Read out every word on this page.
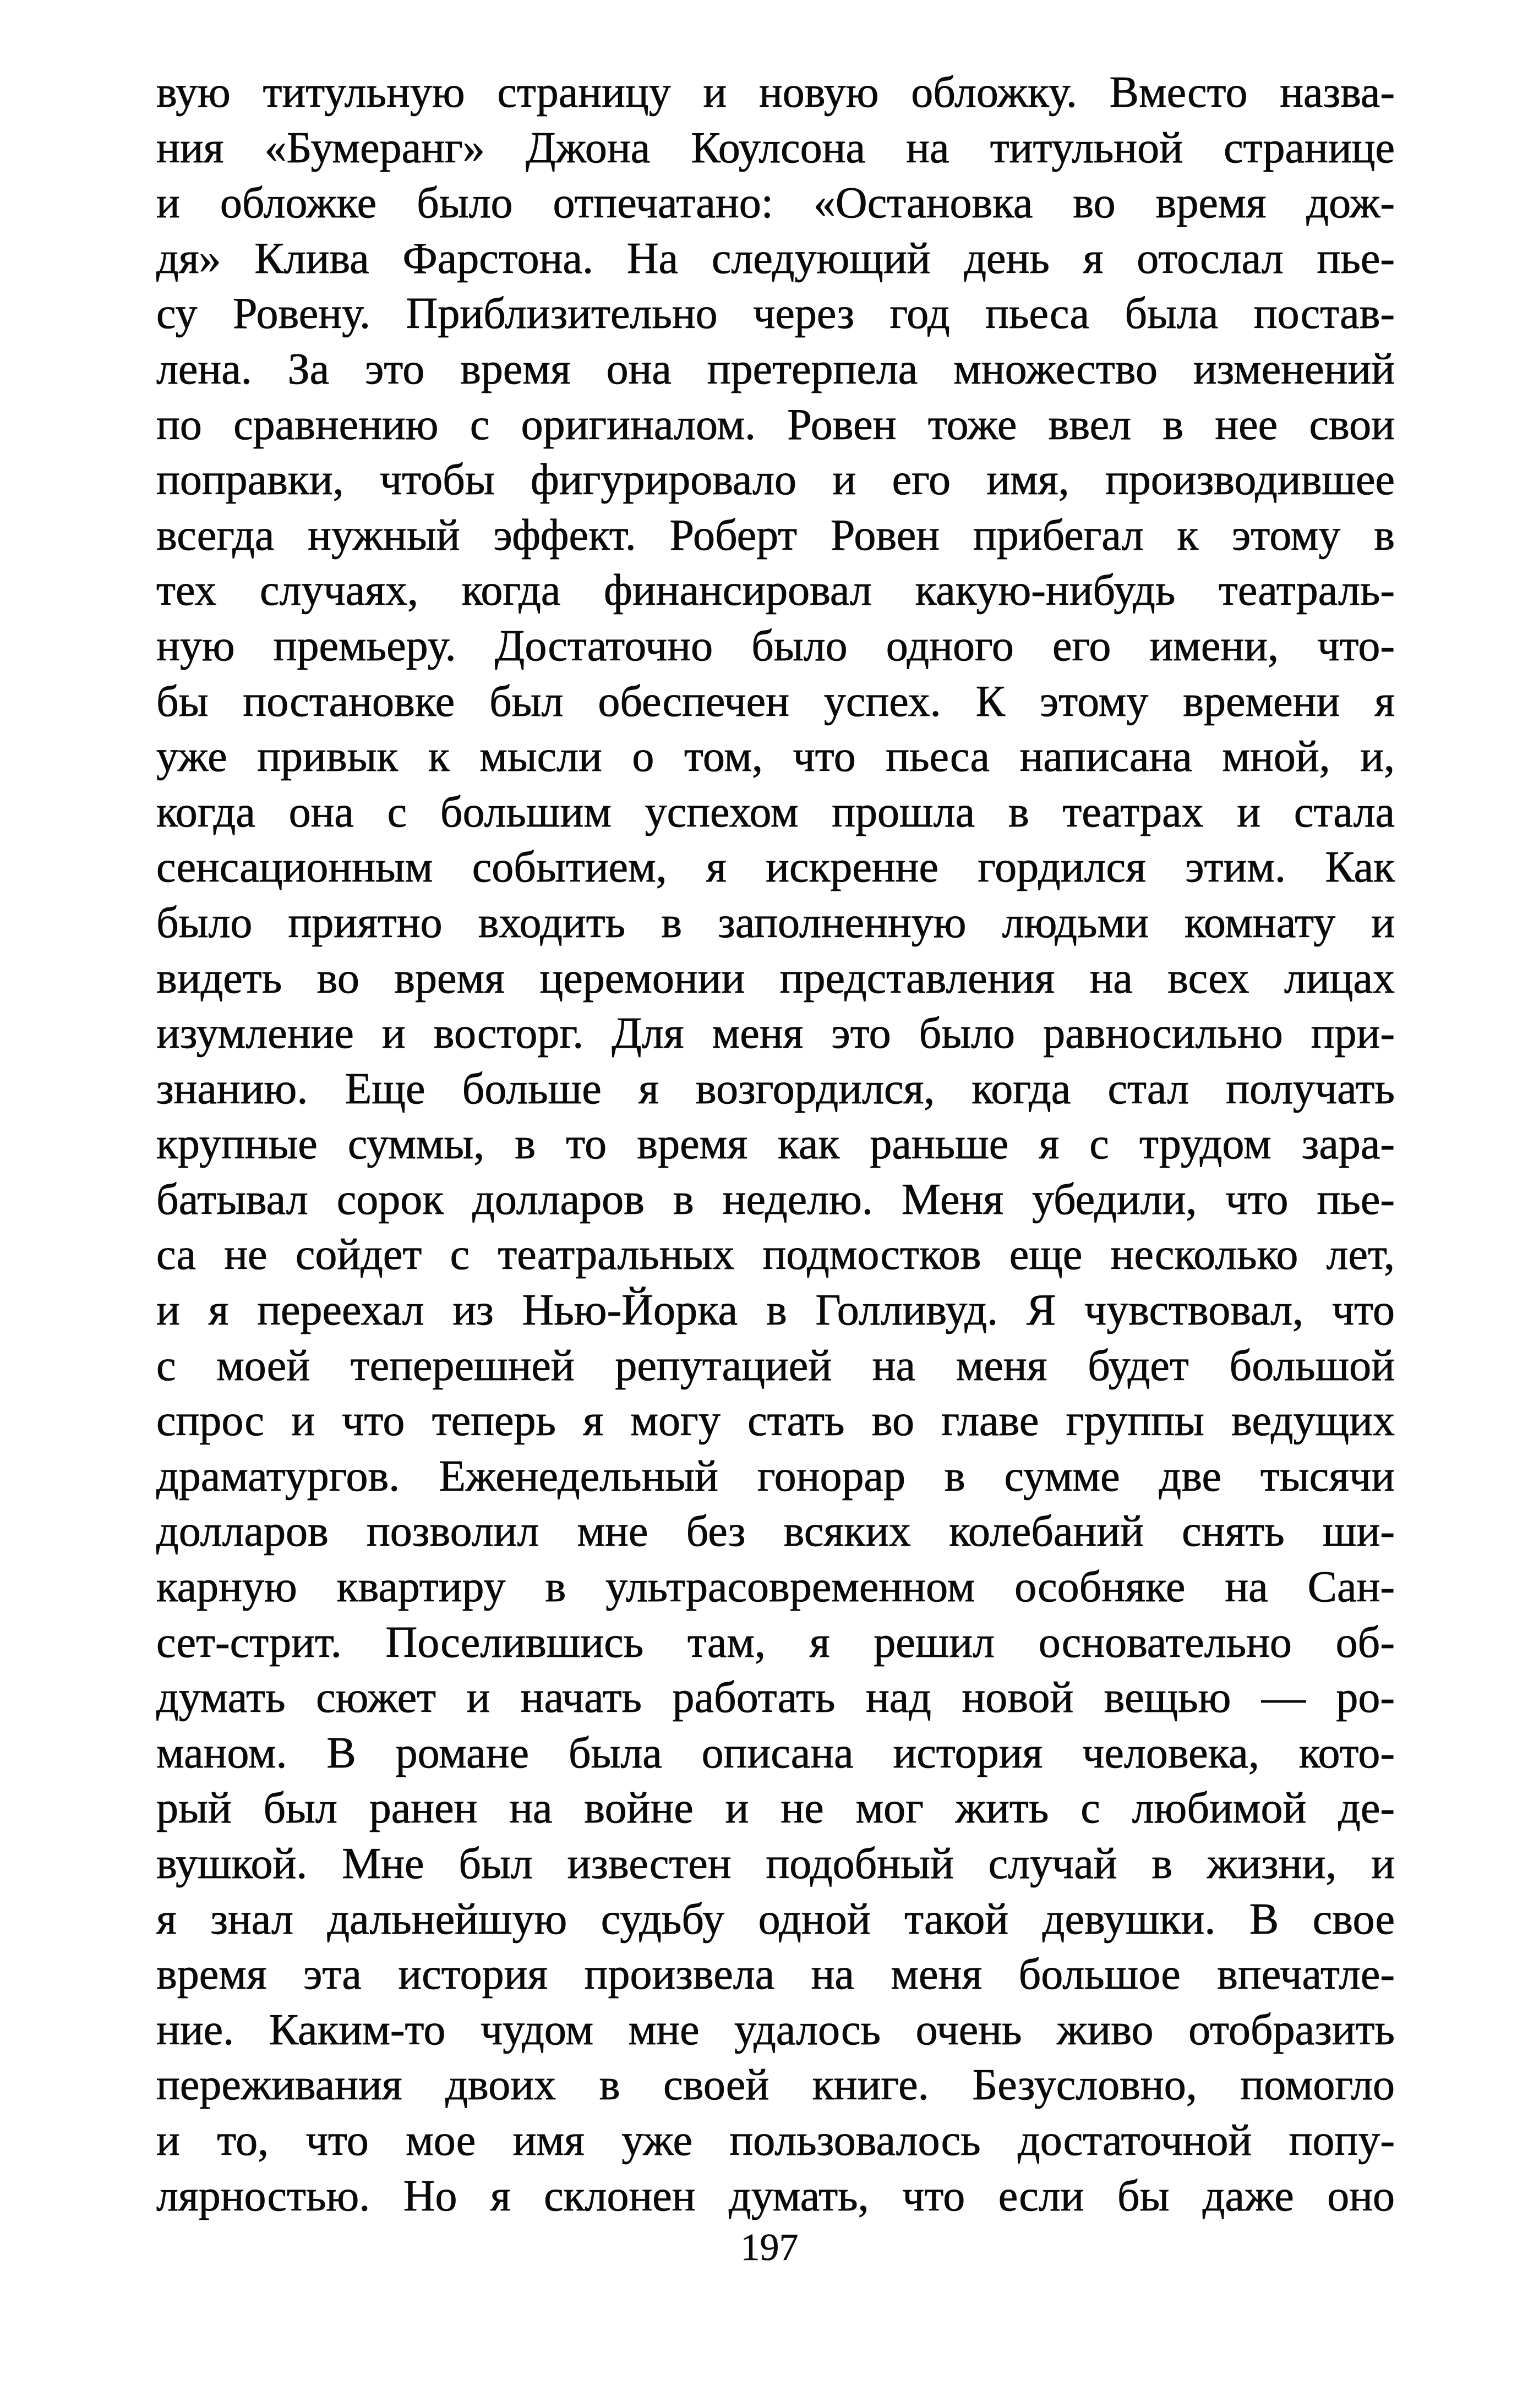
вую титульную страницу и новую обложку. Вместо назва-
ния «Бумеранг» Джона Коулсона на титульной странице
и обложке было отпечатано: «Остановка во время дож-
дя» Клива Фарстона. На следующий день я отослал пье-
су Ровену. Приблизительно через год пьеса была постав-
лена. За это время она претерпела множество изменений
по сравнению с оригиналом. Ровен тоже ввел в нее свои
поправки, чтобы фигурировало и его имя, производившее
всегда нужный эффект. Роберт Ровен прибегал к этому в
тех случаях, когда финансировал какую-нибудь театраль-
ную премьеру. Достаточно было одного его имени, что-
бы постановке был обеспечен успех. К этому времени я
уже привык к мысли о том, что пьеса написана мной, и,
когда она с большим успехом прошла в театрах и стала
сенсационным событием, я искренне гордился этим. Как
было приятно входить в заполненную людьми комнату и
видеть во время церемонии представления на всех лицах
изумление и восторг. Для меня это было равносильно при-
знанию. Еще больше я возгордился, когда стал получать
крупные суммы, в то время как раньше я с трудом зара-
батывал сорок долларов в неделю. Меня убедили, что пье-
са не сойдет с театральных подмостков еще несколько лет,
и я переехал из Нью-Йорка в Голливуд. Я чувствовал, что
с моей теперешней репутацией на меня будет большой
спрос и что теперь я могу стать во главе группы ведущих
драматургов. Еженедельный гонорар в сумме две тысячи
долларов позволил мне без всяких колебаний снять ши-
карную квартиру в ультрасовременном особняке на Сан-
сет-стрит. Поселившись там, я решил основательно об-
думать сюжет и начать работать над новой вещью — ро-
маном. В романе была описана история человека, кото-
рый был ранен на войне и не мог жить с любимой де-
вушкой. Мне был известен подобный случай в жизни, и
я знал дальнейшую судьбу одной такой девушки. В свое
время эта история произвела на меня большое впечатле-
ние. Каким-то чудом мне удалось очень живо отобразить
переживания двоих в своей книге. Безусловно, помогло
и то, что мое имя уже пользовалось достаточной попу-
лярностью. Но я склонен думать, что если бы даже оно
197
